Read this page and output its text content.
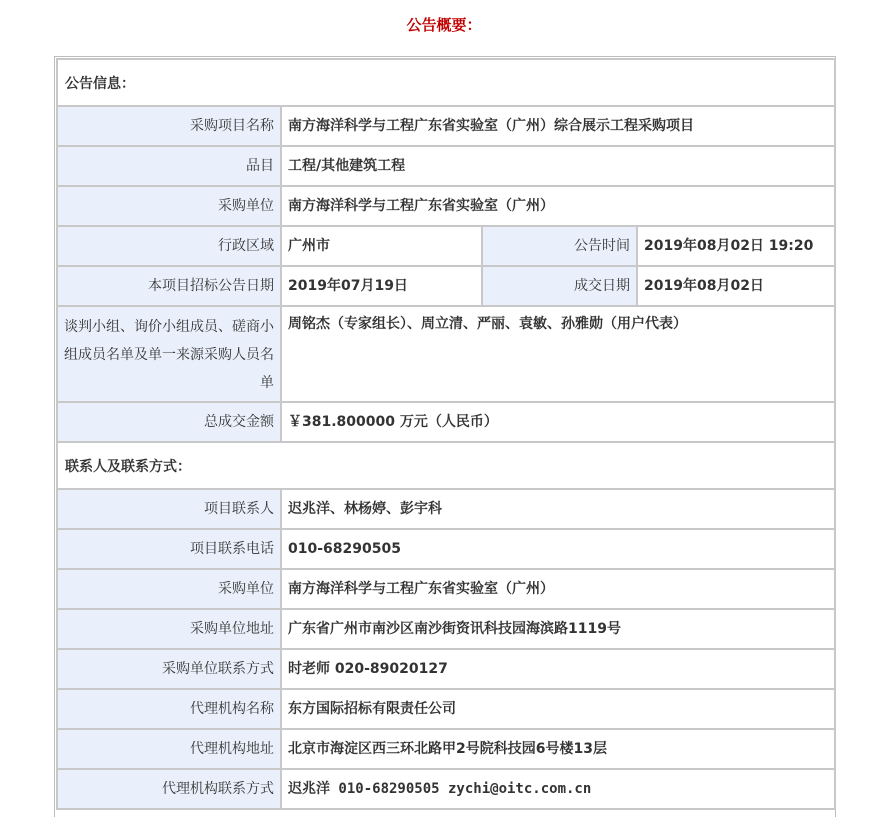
公告概要：
公告信息：			
采购项目名称	南方海洋科学与工程广东省实验室（广州）综合展示工程采购项目		
品目	工程/其他建筑工程		
采购单位	南方海洋科学与工程广东省实验室（广州）		
行政区域	广州市	公告时间	2019年08月02日 19:20
本项目招标公告日期	2019年07月19日	成交日期	2019年08月02日
谈判小组、询价小组成员、磋商小组成员名单及单一来源采购人员名单	周铭杰（专家组长）、周立清、严丽、袁敏、孙雅勋（用户代表）		
总成交金额	￥381.800000 万元（人民币）		
联系人及联系方式：			
项目联系人	迟兆洋、林杨婷、彭宇科		
项目联系电话	010-68290505		
采购单位	南方海洋科学与工程广东省实验室（广州）		
采购单位地址	广东省广州市南沙区南沙街资讯科技园海滨路1119号		
采购单位联系方式	时老师 020-89020127		
代理机构名称	东方国际招标有限责任公司		
代理机构地址	北京市海淀区西三环北路甲2号院科技园6号楼13层		
代理机构联系方式	迟兆洋 010-68290505 zychi@oitc.com.cn		
